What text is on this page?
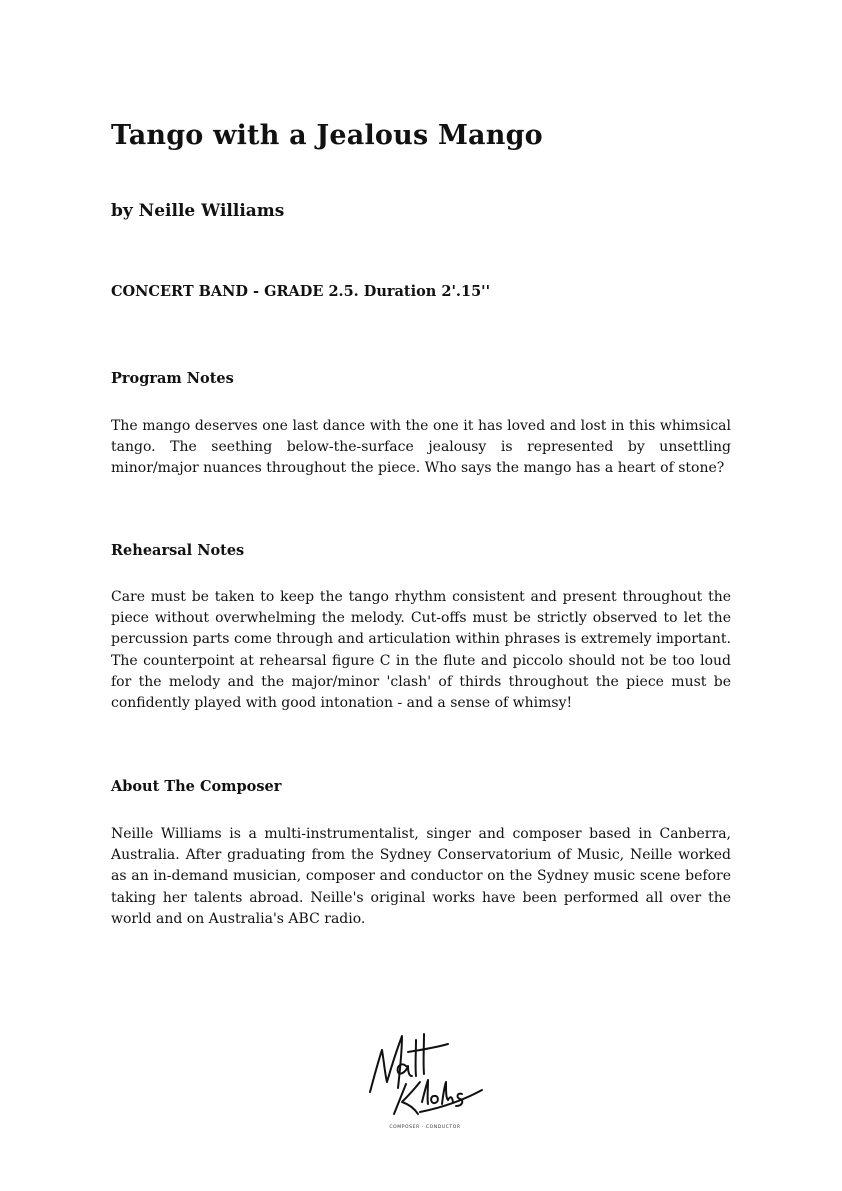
Tango with a Jealous Mango

by Neille Williams

CONCERT BAND - GRADE 2.5. Duration 2'.15''

Program Notes

The mango deserves one last dance with the one it has loved and lost in this whimsical tango. The seething below-the-surface jealousy is represented by unsettling minor/major nuances throughout the piece. Who says the mango has a heart of stone?

Rehearsal Notes

Care must be taken to keep the tango rhythm consistent and present throughout the piece without overwhelming the melody. Cut-offs must be strictly observed to let the percussion parts come through and articulation within phrases is extremely important. The counterpoint at rehearsal figure C in the flute and piccolo should not be too loud for the melody and the major/minor 'clash' of thirds throughout the piece must be confidently played with good intonation - and a sense of whimsy!

About The Composer

Neille Williams is a multi-instrumentalist, singer and composer based in Canberra, Australia. After graduating from the Sydney Conservatorium of Music, Neille worked as an in-demand musician, composer and conductor on the Sydney music scene before taking her talents abroad. Neille's original works have been performed all over the world and on Australia's ABC radio.

COMPOSER · CONDUCTOR
